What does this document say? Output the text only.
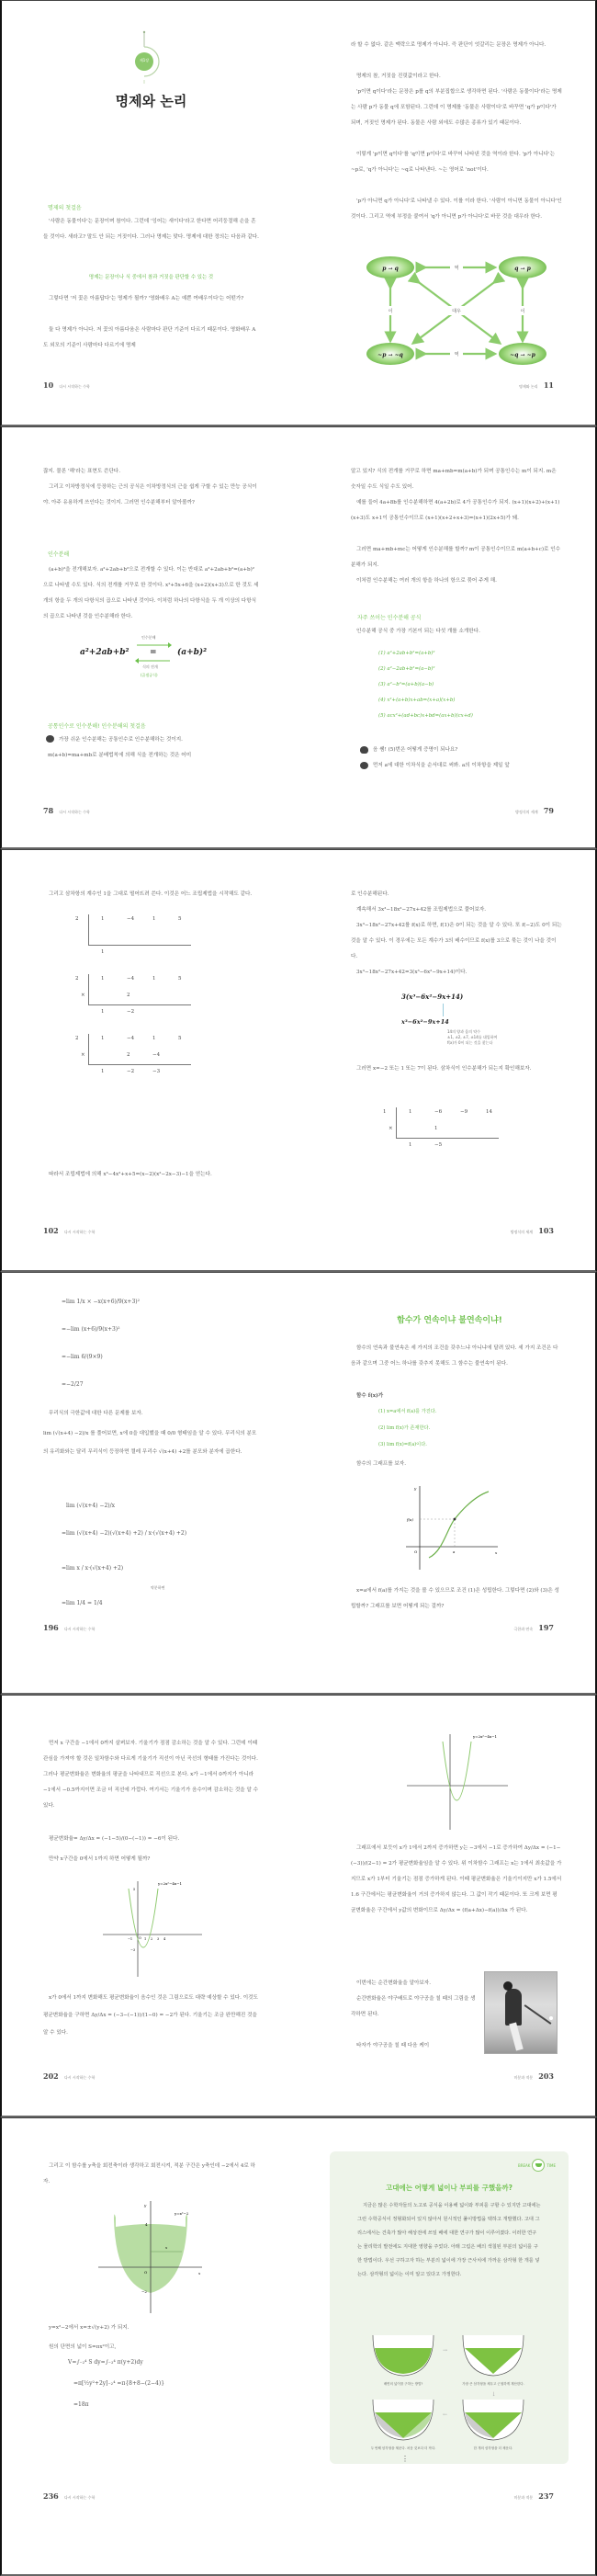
제1장
명제와 논리
명제의 첫걸음
'사람은 동물이다'는 문장이며 참이다. 그런데 '잉어는 새이다'라고 한다면 어리둥절해 손을 흔들 것이다. 새라고? 말도 안 되는 거짓이다. 그러나 명제는 맞다. 명제에 대한 정의는 다음과 같다.
명제는 문장이나 식 중에서 참과 거짓을 판단할 수 있는 것
그렇다면 '저 꽃은 아름답다'는 명제가 될까? '영화배우 A는 예쁜 여배우이다'는 어떤가?
둘 다 명제가 아니다. 저 꽃의 아름다움은 사람마다 판단 기준이 다르기 때문이다. 영화배우 A도 외모의 기준이 사람마다 다르기에 명제
10 다시 시작하는 수학
라 할 수 없다. 같은 맥락으로 명제가 아니다. 즉 판단이 엇갈리는 문장은 명제가 아니다.
명제의 참, 거짓을 진릿값이라고 한다.
'p이면 q이다'라는 문장은 p를 q의 부분집합으로 생각하면 된다. '사람은 동물이다'라는 명제는 사람 p가 동물 q에 포함된다. 그런데 이 명제를 '동물은 사람이다'로 바꾸면 'q가 p이다'가 되며, 거짓인 명제가 된다. 동물은 사람 외에도 수많은 종류가 있기 때문이다.
이렇게 'p이면 q이다'를 'q이면 p이다'로 바꾸어 나타낸 것을 역이라 한다. 'p가 아니다'는 ~p로, 'q가 아니다'는 ~q로 나타낸다. ~는 영어로 'not'이다.
'p가 아니면 q가 아니다'로 나타낼 수 있다. 이를 이라 한다. '사람이 아니면 동물이 아니다'인 것이다. 그리고 역에 부정을 붙여서 'q가 아니면 p가 아니다'로 바꾼 것을 대우라 한다.
p → q	q → p
~p → ~q	~q → ~p
역
역
이	이
대우
명제와 논리 11
잖지. 물론 '해'라는 표현도 쓴단다.
그리고 이차방정식에 등장하는 근의 공식은 이차방정식의 근을 쉽게 구할 수 있는 만능 공식이야. 아주 유용하게 쓰인다는 것이지. 그러면 인수분해부터 알아볼까?
인수분해
(a+b)²을 전개해보자. a²+2ab+b²으로 전개할 수 있다. 이는 반대로 a²+2ab+b²=(a+b)²으로 나타낼 수도 있다. 식의 전개를 거꾸로 한 것이다. x²+5x+6을 (x+2)(x+3)으로 한 것도 세 개의 항을 두 개의 다항식의 곱으로 나타낸 것이다. 이처럼 하나의 다항식을 두 개 이상의 다항식의 곱으로 나타낸 것을 인수분해라 한다.
a²+2ab+b²
인수분해
= (a+b)²
식의 전개
(곱셈공식)
공통인수로 인수분해! 인수분해의 첫걸음
가장 쉬운 인수분해는 공통인수로 인수분해하는 것이지.
m(a+b)=ma+mb로 분배법칙에 의해 식을 전개하는 것은 어미
78 다시 시작하는 수학
알고 있지? 식의 전개를 거꾸로 하면 ma+mb=m(a+b)가 되며 공통인수는 m이 되지. m은 숫자일 수도 식일 수도 있어.
예를 들어 4a+8b를 인수분해하면 4(a+2b)로 4가 공통인수가 되지. (x+1)(x+2)+(x+1)(x+3)도 x+1이 공통인수이므로 (x+1)(x+2+x+3)=(x+1)(2x+5)가 돼.
그러면 ma+mb+mc는 어떻게 인수분해를 할까? m이 공통인수이므로 m(a+b+c)로 인수분해가 되지.
이처럼 인수분해는 여러 개의 항을 하나의 항으로 묶어 주게 해.
자주 쓰이는 인수분해 공식
인수분해 공식 중 가장 기본이 되는 다섯 개를 소개한다.
(1) a²+2ab+b²=(a+b)²
(2) a²−2ab+b²=(a−b)²
(3) a²−b²=(a+b)(a−b)
(4) x²+(a+b)x+ab=(x+a)(x+b)
(5) acx²+(ad+bc)x+bd=(ax+b)(cx+d)
음 쌤! (5)번은 어떻게 증명이 되나요?
먼저 a에 대한 이차식을 순서대로 써봐. a의 이차항을 제일 앞
방정식의 세계 79
그리고 삼차항의 계수인 1을 그대로 떨어뜨려 쓴다. 이것은 어느 조립제법을 시작해도 같다.
2	1	−4	1	5
1
2	1	−4	1	5
×	2
1	−2
2	1	−4	1	5
×	2	−4
1	−2	−3
따라서 조립제법에 의해 x³−4x²+x+5=(x−2)(x²−2x−3)−1을 얻는다.
102 다시 시작하는 수학
로 인수분해된다.
계속해서 3x³−18x²−27x+42를 조립제법으로 풀어보자.
3x³−18x²−27x+42를 f(x)로 하면, f(1)은 0이 되는 것을 알 수 있다. 또 f(−2)도 0이 되는 것을 알 수 있다. 이 경우에는 모든 계수가 3의 배수이므로 f(x)를 3으로 묶는 것이 나을 것이다.
3x³−18x²−27x+42=3(x³−6x²−9x+14)이다.
3(x³−6x²−9x+14)
x³−6x²−9x+14
14의 양과 음의 약수
±1, ±2, ±7, ±14를 대입하여
f(x)가 0이 되는 것을 찾는다
그러면 x=−2 또는 1 또는 7이 된다. 삼차식이 인수분해가 되는지 확인해보자.
1	1	−6	−9	14
×	1
1	−5
방정식의 세계 103
=lim 1/x × −x(x+6)/9(x+3)²
=−lim (x+6)/9(x+3)²
=−lim 6/(9×9)
=−2/27
무리식의 극한값에 대한 다른 문제를 보자.
lim (√(x+4) −2)/x 를 풀어보면, x에 0을 대입했을 때 0/0 형태임을 알 수 있다. 무리식의 분모의 유리화와는 달리 무리식이 등장하면 켤레 무리수 √(x+4) +2를 분모와 분자에 곱한다.
lim (√(x+4) −2)/x
=lim (√(x+4) −2)(√(x+4) +2) / x·(√(x+4) +2)
=lim x / x·(√(x+4) +2)
약분하면
=lim 1/4 = 1/4
196 다시 시작하는 수학
함수가 연속이냐 불연속이냐!
함수의 연속과 불연속은 세 가지의 조건을 갖추느냐 아니냐에 달려 있다. 세 가지 조건은 다음과 같으며 그중 어느 하나를 갖추지 못해도 그 함수는 불연속이 된다.
함수 f(x)가
(1) x=a에서 f(a)를 가진다.
(2) lim f(x)가 존재한다.
(3) lim f(x)=f(a)이다.
함수의 그래프를 보자.
y
x
O
f(a)
a
x=a에서 f(a)를 가지는 것을 볼 수 있으므로 조건 (1)은 성립한다. 그렇다면 (2)와 (3)은 성립할까? 그래프를 보면 어떻게 되는 걸까?
극한과 연속 197
먼저 x 구간을 −1에서 0까지 살펴보자. 기울기가 점점 감소하는 것을 알 수 있다. 그런데 이때 관심을 가져야 할 것은 일차함수와 다르게 기울기가 직선이 아닌 곡선의 형태를 가진다는 것이다. 그러나 평균변화율은 변화율의 평균을 나타내므로 직선으로 본다. x가 −1에서 0까지가 아니라 −1에서 −0.5까지이면 조금 더 직선에 가깝다. 여기서는 기울기가 음수이며 감소하는 것을 알 수 있다.
평균변화율= Δy/Δx = (−1−5)/(0−(−1)) = −6이 된다.
만약 x구간을 0에서 1까지 하면 어떻게 될까?
y=2x²−4x−1
−1 O 1 2 3 4
5
−3
x가 0에서 1까지 변화해도 평균변화율이 음수인 것은 그림으로도 대략 예상할 수 있다. 이것도 평균변화율을 구하면 Δy/Δx = (−3−(−1))/(1−0) = −2가 된다. 기울기는 조금 완만해진 것을 알 수 있다.
202 다시 시작하는 수학
y=2x²−4x−1
그래프에서 보듯이 x가 1에서 2까지 증가하면 y는 −3에서 −1로 증가하여 Δy/Δx = (−1−(−3))/(2−1) = 2가 평균변화율임을 알 수 있다. 위 이차함수 그래프는 x는 1에서 최솟값을 가지므로 x가 1부터 기울기는 점점 증가하게 된다. 이때 평균변화율은 기울기이지만 x가 1.5에서 1.6 구간에서는 평균변화율이 거의 증가하지 않는다. 그 값이 작기 때문이다. 또 크게 보면 평균변화율은 구간에서 y값의 변화이므로 Δy/Δx = (f(a+Δx)−f(a))/Δx 가 된다.
이번에는 순간변화율을 알아보자.
순간변화율은 야구배트로 야구공을 칠 때의 그림을 생각하면 된다.
타자가 야구공을 칠 때 다음 케이
미분과 적분 203
그리고 이 함수를 y축을 회전축이라 생각하고 회전시켜, 적분 구간은 y축인데 −2에서 4로 하자.
y
x
O
y=x²−2
4
−2
x
y=x²−2에서 x=±√(y+2) 가 되지.
원의 단면의 넓이 S=πx²이고,
V=∫₋₂⁴ S dy=∫₋₂⁴ π(y+2)dy
=π[½y²+2y]₋₂⁴ =π{8+8−(2−4)}
=18π
236 다시 시작하는 수학
BREAK	TIME
고대에는 어떻게 넓이나 부피를 구했을까?
지금은 많은 수학자들의 노고로 공식을 이용해 넓이와 부피를 구할 수 있지만 고대에는 그런 수학공식이 정형화되어 있지 않아서 원시적인 풀이방법을 택하고 개발했다. 고대 그리스에서는 건축가 많아 해상전에 쓰일 배에 대한 연구가 많이 이루어졌다. 이러한 연구는 물리학의 발전에도 지대한 영향을 주었다. 아래 그림은 배의 색칠된 부분의 넓이를 구한 방법이다. 우선 구하고자 하는 부분의 넓이에 가장 근사치에 가까운 삼각형 한 개를 넣는다. 삼각형의 넓이는 이미 알고 있다고 가정한다.
→
배면의 넓이를 구하는 방법?	가장 큰 삼각형을 채우고 근접하게 계산한다.
↓
←
두 번째 삼각형을 채운다. 처음 것보다 더 작다.	한 개의 삼각형을 더 채운다.
⋮
미분과 적분 237
